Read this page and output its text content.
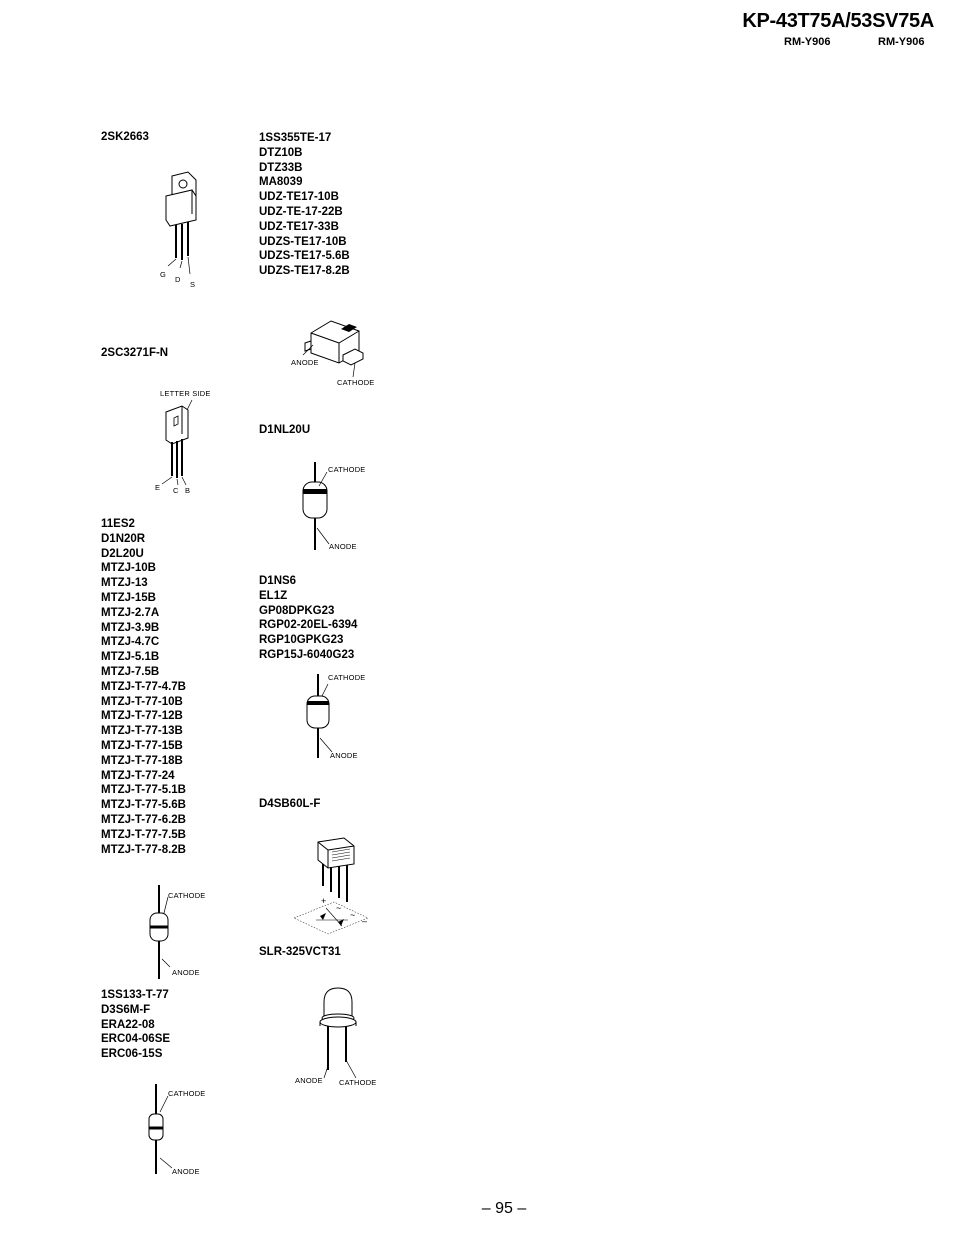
KP-43T75A/53SV75A
RM-Y906	RM-Y906
2SK2663
G
D
S
2SC3271F-N
LETTER SIDE
E C B
11ES2
D1N20R
D2L20U
MTZJ-10B
MTZJ-13
MTZJ-15B
MTZJ-2.7A
MTZJ-3.9B
MTZJ-4.7C
MTZJ-5.1B
MTZJ-7.5B
MTZJ-T-77-4.7B
MTZJ-T-77-10B
MTZJ-T-77-12B
MTZJ-T-77-13B
MTZJ-T-77-15B
MTZJ-T-77-18B
MTZJ-T-77-24
MTZJ-T-77-5.1B
MTZJ-T-77-5.6B
MTZJ-T-77-6.2B
MTZJ-T-77-7.5B
MTZJ-T-77-8.2B
CATHODE
ANODE
1SS133-T-77
D3S6M-F
ERA22-08
ERC04-06SE
ERC06-15S
CATHODE
ANODE
1SS355TE-17
DTZ10B
DTZ33B
MA8039
UDZ-TE17-10B
UDZ-TE-17-22B
UDZ-TE17-33B
UDZS-TE17-10B
UDZS-TE17-5.6B
UDZS-TE17-8.2B
ANODE
CATHODE
D1NL20U
CATHODE
ANODE
D1NS6
EL1Z
GP08DPKG23
RGP02-20EL-6394
RGP10GPKG23
RGP15J-6040G23
CATHODE
ANODE
D4SB60L-F
+
~
~
–
SLR-325VCT31
ANODE CATHODE
– 95 –
